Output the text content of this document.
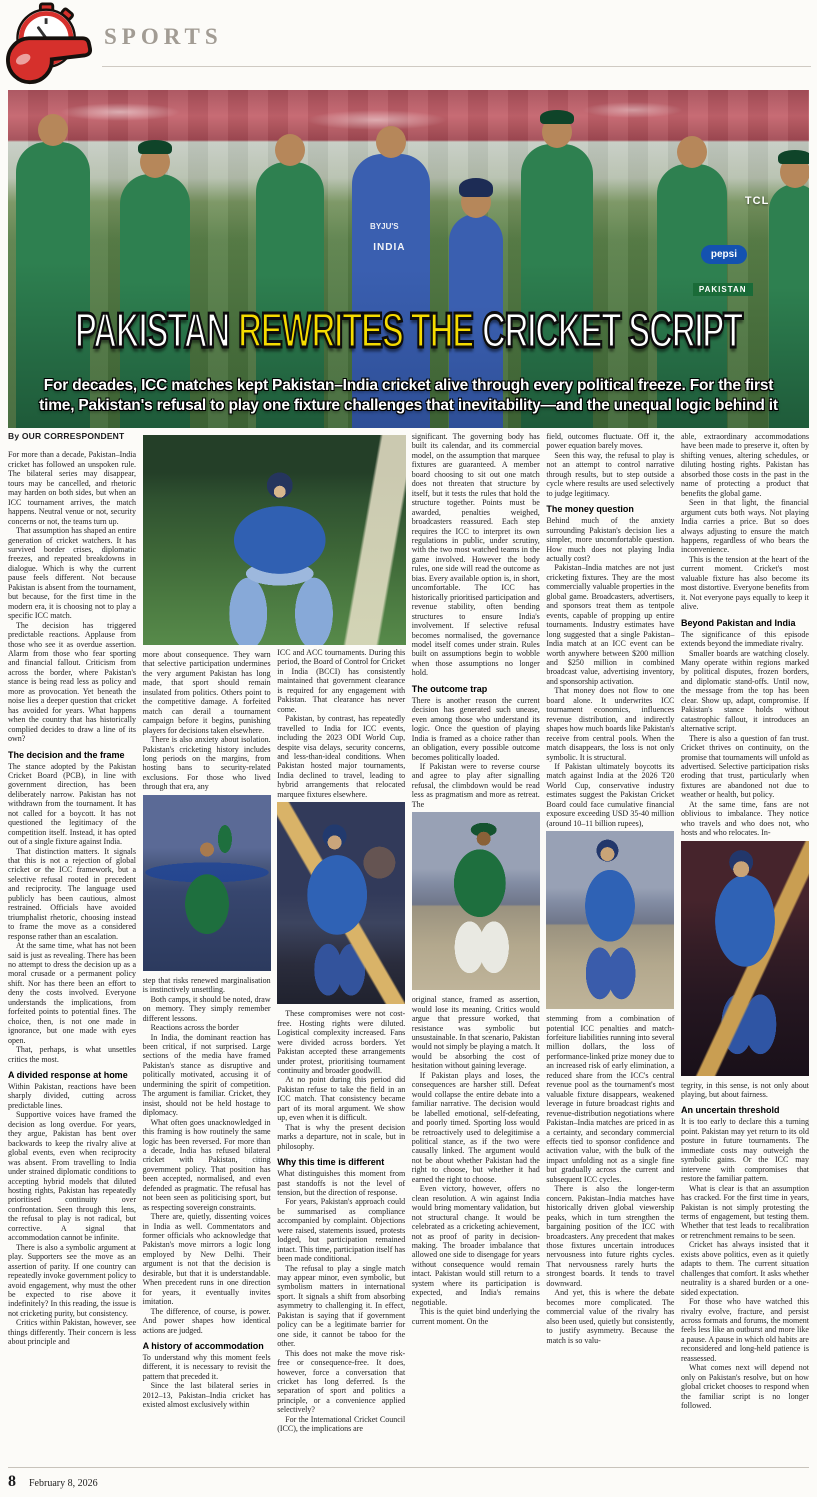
SPORTS
TCL
pepsi
PAKISTAN
BYJU'S
INDIA
PAKISTAN REWRITES THE CRICKET SCRIPT

For decades, ICC matches kept Pakistan–India cricket alive through every political freeze. For the first
time, Pakistan's refusal to play one fixture challenges that inevitability—and the unequal logic behind it

By OUR CORRESPONDENT

For more than a decade, Pakistan–India cricket has followed an unspoken rule. The bilateral series may disappear, tours may be cancelled, and rhetoric may harden on both sides, but when an ICC tournament arrives, the match happens. Neutral venue or not, security concerns or not, the teams turn up.

That assumption has shaped an entire generation of cricket watchers. It has survived border crises, diplomatic freezes, and repeated breakdowns in dialogue. Which is why the current pause feels different. Not because Pakistan is absent from the tournament, but because, for the first time in the modern era, it is choosing not to play a specific ICC match.

The decision has triggered predictable reactions. Applause from those who see it as overdue assertion. Alarm from those who fear sporting and financial fallout. Criticism from across the border, where Pakistan's stance is being read less as policy and more as provocation. Yet beneath the noise lies a deeper question that cricket has avoided for years. What happens when the country that has historically complied decides to draw a line of its own?

The decision and the frame

The stance adopted by the Pakistan Cricket Board (PCB), in line with government direction, has been deliberately narrow. Pakistan has not withdrawn from the tournament. It has not called for a boycott. It has not questioned the legitimacy of the competition itself. Instead, it has opted out of a single fixture against India.

That distinction matters. It signals that this is not a rejection of global cricket or the ICC framework, but a selective refusal rooted in precedent and reciprocity. The language used publicly has been cautious, almost restrained. Officials have avoided triumphalist rhetoric, choosing instead to frame the move as a considered response rather than an escalation.

At the same time, what has not been said is just as revealing. There has been no attempt to dress the decision up as a moral crusade or a permanent policy shift. Nor has there been an effort to deny the costs involved. Everyone understands the implications, from forfeited points to potential fines. The choice, then, is not one made in ignorance, but one made with eyes open.

That, perhaps, is what unsettles critics the most.

A divided response at home

Within Pakistan, reactions have been sharply divided, cutting across predictable lines.

Supportive voices have framed the decision as long overdue. For years, they argue, Pakistan has bent over backwards to keep the rivalry alive at global events, even when reciprocity was absent. From travelling to India under strained diplomatic conditions to accepting hybrid models that diluted hosting rights, Pakistan has repeatedly prioritised continuity over confrontation. Seen through this lens, the refusal to play is not radical, but corrective. A signal that accommodation cannot be infinite.

There is also a symbolic argument at play. Supporters see the move as an assertion of parity. If one country can repeatedly invoke government policy to avoid engagement, why must the other be expected to rise above it indefinitely? In this reading, the issue is not cricketing purity, but consistency.

Critics within Pakistan, however, see things differently. Their concern is less about principle and

more about consequence. They warn that selective participation undermines the very argument Pakistan has long made, that sport should remain insulated from politics. Others point to the competitive damage. A forfeited match can derail a tournament campaign before it begins, punishing players for decisions taken elsewhere.

There is also anxiety about isolation. Pakistan's cricketing history includes long periods on the margins, from hosting bans to security-related exclusions. For those who lived through that era, any

step that risks renewed marginalisation is instinctively unsettling.

Both camps, it should be noted, draw on memory. They simply remember different lessons.

Reactions across the border

In India, the dominant reaction has been critical, if not surprised. Large sections of the media have framed Pakistan's stance as disruptive and politically motivated, accusing it of undermining the spirit of competition. The argument is familiar. Cricket, they insist, should not be held hostage to diplomacy.

What often goes unacknowledged in this framing is how routinely the same logic has been reversed. For more than a decade, India has refused bilateral cricket with Pakistan, citing government policy. That position has been accepted, normalised, and even defended as pragmatic. The refusal has not been seen as politicising sport, but as respecting sovereign constraints.

There are, quietly, dissenting voices in India as well. Commentators and former officials who acknowledge that Pakistan's move mirrors a logic long employed by New Delhi. Their argument is not that the decision is desirable, but that it is understandable. When precedent runs in one direction for years, it eventually invites imitation.

The difference, of course, is power. And power shapes how identical actions are judged.

A history of accommodation

To understand why this moment feels different, it is necessary to revisit the pattern that preceded it.

Since the last bilateral series in 2012–13, Pakistan–India cricket has existed almost exclusively within

ICC and ACC tournaments. During this period, the Board of Control for Cricket in India (BCCI) has consistently maintained that government clearance is required for any engagement with Pakistan. That clearance has never come.

Pakistan, by contrast, has repeatedly travelled to India for ICC events, including the 2023 ODI World Cup, despite visa delays, security concerns, and less-than-ideal conditions. When Pakistan hosted major tournaments, India declined to travel, leading to hybrid arrangements that relocated marquee fixtures elsewhere.

These compromises were not cost-free. Hosting rights were diluted. Logistical complexity increased. Fans were divided across borders. Yet Pakistan accepted these arrangements under protest, prioritising tournament continuity and broader goodwill.

At no point during this period did Pakistan refuse to take the field in an ICC match. That consistency became part of its moral argument. We show up, even when it is difficult.

That is why the present decision marks a departure, not in scale, but in philosophy.

Why this time is different

What distinguishes this moment from past standoffs is not the level of tension, but the direction of response.

For years, Pakistan's approach could be summarised as compliance accompanied by complaint. Objections were raised, statements issued, protests lodged, but participation remained intact. This time, participation itself has been made conditional.

The refusal to play a single match may appear minor, even symbolic, but symbolism matters in international sport. It signals a shift from absorbing asymmetry to challenging it. In effect, Pakistan is saying that if government policy can be a legitimate barrier for one side, it cannot be taboo for the other.

This does not make the move risk-free or consequence-free. It does, however, force a conversation that cricket has long deferred. Is the separation of sport and politics a principle, or a convenience applied selectively?

For the International Cricket Council (ICC), the implications are

significant. The governing body has built its calendar, and its commercial model, on the assumption that marquee fixtures are guaranteed. A member board choosing to sit out one match does not threaten that structure by itself, but it tests the rules that hold the structure together. Points must be awarded, penalties weighed, broadcasters reassured. Each step requires the ICC to interpret its own regulations in public, under scrutiny, with the two most watched teams in the game involved. However the body rules, one side will read the outcome as bias. Every available option is, in short, uncomfortable. The ICC has historically prioritised participation and revenue stability, often bending structures to ensure India's involvement. If selective refusal becomes normalised, the governance model itself comes under strain. Rules built on assumptions begin to wobble when those assumptions no longer hold.

The outcome trap

There is another reason the current decision has generated such unease, even among those who understand its logic. Once the question of playing India is framed as a choice rather than an obligation, every possible outcome becomes politically loaded.

If Pakistan were to reverse course and agree to play after signalling refusal, the climbdown would be read less as pragmatism and more as retreat. The

original stance, framed as assertion, would lose its meaning. Critics would argue that pressure worked, that resistance was symbolic but unsustainable. In that scenario, Pakistan would not simply be playing a match. It would be absorbing the cost of hesitation without gaining leverage.

If Pakistan plays and loses, the consequences are harsher still. Defeat would collapse the entire debate into a familiar narrative. The decision would be labelled emotional, self-defeating, and poorly timed. Sporting loss would be retroactively used to delegitimise a political stance, as if the two were causally linked. The argument would not be about whether Pakistan had the right to choose, but whether it had earned the right to choose.

Even victory, however, offers no clean resolution. A win against India would bring momentary validation, but not structural change. It would be celebrated as a cricketing achievement, not as proof of parity in decision-making. The broader imbalance that allowed one side to disengage for years without consequence would remain intact. Pakistan would still return to a system where its participation is expected, and India's remains negotiable.

This is the quiet bind underlying the current moment. On the

field, outcomes fluctuate. Off it, the power equation barely moves.

Seen this way, the refusal to play is not an attempt to control narrative through results, but to step outside a cycle where results are used selectively to judge legitimacy.

The money question

Behind much of the anxiety surrounding Pakistan's decision lies a simpler, more uncomfortable question. How much does not playing India actually cost?

Pakistan–India matches are not just cricketing fixtures. They are the most commercially valuable properties in the global game. Broadcasters, advertisers, and sponsors treat them as tentpole events, capable of propping up entire tournaments. Industry estimates have long suggested that a single Pakistan–India match at an ICC event can be worth anywhere between $200 million and $250 million in combined broadcast value, advertising inventory, and sponsorship activation.

That money does not flow to one board alone. It underwrites ICC tournament economics, influences revenue distribution, and indirectly shapes how much boards like Pakistan's receive from central pools. When the match disappears, the loss is not only symbolic. It is structural.

If Pakistan ultimately boycotts its match against India at the 2026 T20 World Cup, conservative industry estimates suggest the Pakistan Cricket Board could face cumulative financial exposure exceeding USD 35-40 million (around 10–11 billion rupees),

stemming from a combination of potential ICC penalties and match-forfeiture liabilities running into several million dollars, the loss of performance-linked prize money due to an increased risk of early elimination, a reduced share from the ICC's central revenue pool as the tournament's most valuable fixture disappears, weakened leverage in future broadcast rights and revenue-distribution negotiations where Pakistan–India matches are priced in as a certainty, and secondary commercial effects tied to sponsor confidence and activation value, with the bulk of the impact unfolding not as a single fine but gradually across the current and subsequent ICC cycles.

There is also the longer-term concern. Pakistan–India matches have historically driven global viewership peaks, which in turn strengthen the bargaining position of the ICC with broadcasters. Any precedent that makes those fixtures uncertain introduces nervousness into future rights cycles. That nervousness rarely hurts the strongest boards. It tends to travel downward.

And yet, this is where the debate becomes more complicated. The commercial value of the rivalry has also been used, quietly but consistently, to justify asymmetry. Because the match is so valu-

able, extraordinary accommodations have been made to preserve it, often by shifting venues, altering schedules, or diluting hosting rights. Pakistan has absorbed those costs in the past in the name of protecting a product that benefits the global game.

Seen in that light, the financial argument cuts both ways. Not playing India carries a price. But so does always adjusting to ensure the match happens, regardless of who bears the inconvenience.

This is the tension at the heart of the current moment. Cricket's most valuable fixture has also become its most distortive. Everyone benefits from it. Not everyone pays equally to keep it alive.

Beyond Pakistan and India

The significance of this episode extends beyond the immediate rivalry.

Smaller boards are watching closely. Many operate within regions marked by political disputes, frozen borders, and diplomatic stand-offs. Until now, the message from the top has been clear. Show up, adapt, compromise. If Pakistan's stance holds without catastrophic fallout, it introduces an alternative script.

There is also a question of fan trust. Cricket thrives on continuity, on the promise that tournaments will unfold as advertised. Selective participation risks eroding that trust, particularly when fixtures are abandoned not due to weather or health, but policy.

At the same time, fans are not oblivious to imbalance. They notice who travels and who does not, who hosts and who relocates. In-

tegrity, in this sense, is not only about playing, but about fairness.

An uncertain threshold

It is too early to declare this a turning point. Pakistan may yet return to its old posture in future tournaments. The immediate costs may outweigh the symbolic gains. Or the ICC may intervene with compromises that restore the familiar pattern.

What is clear is that an assumption has cracked. For the first time in years, Pakistan is not simply protesting the terms of engagement, but testing them. Whether that test leads to recalibration or retrenchment remains to be seen.

Cricket has always insisted that it exists above politics, even as it quietly adapts to them. The current situation challenges that comfort. It asks whether neutrality is a shared burden or a one-sided expectation.

For those who have watched this rivalry evolve, fracture, and persist across formats and forums, the moment feels less like an outburst and more like a pause. A pause in which old habits are reconsidered and long-held patience is reassessed.

What comes next will depend not only on Pakistan's resolve, but on how global cricket chooses to respond when the familiar script is no longer followed.

8 February 8, 2026
